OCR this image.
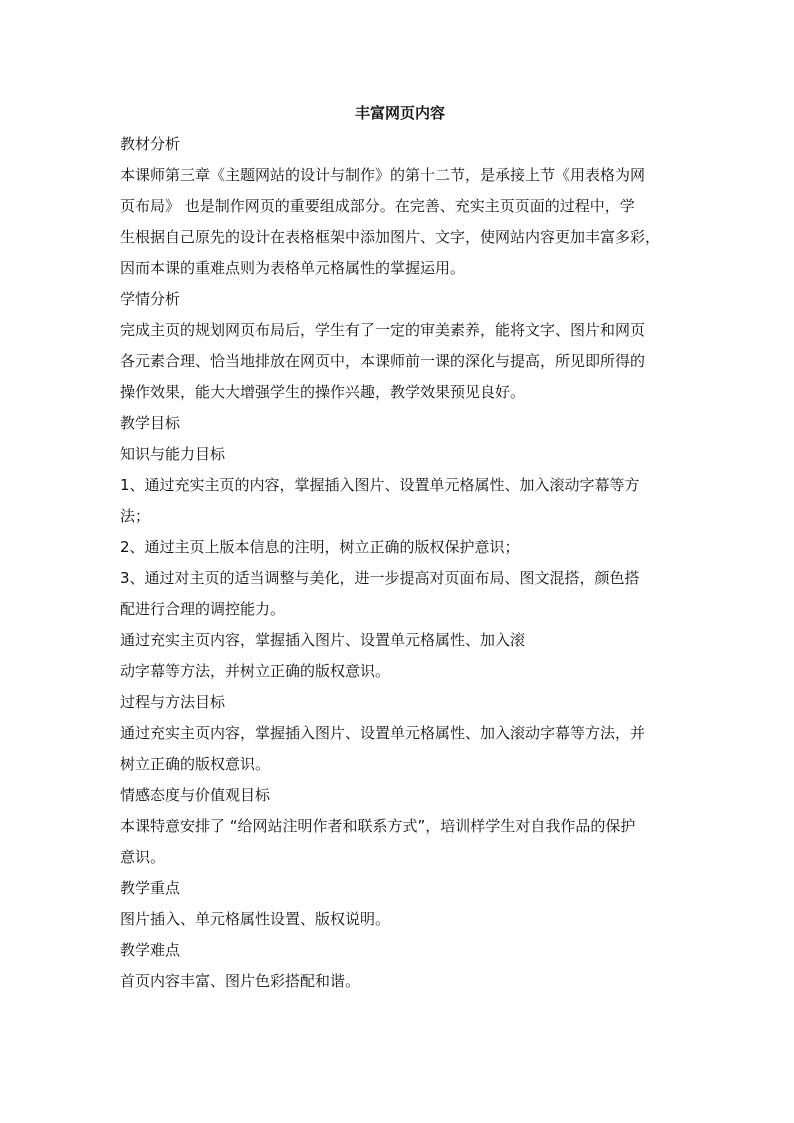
丰富网页内容
教材分析
本课师第三章《主题网站的设计与制作》的第十二节，是承接上节《用表格为网
页布局》 也是制作网页的重要组成部分。在完善、充实主页页面的过程中，学
生根据自己原先的设计在表格框架中添加图片、文字，使网站内容更加丰富多彩，
因而本课的重难点则为表格单元格属性的掌握运用。
学情分析
完成主页的规划网页布局后，学生有了一定的审美素养，能将文字、图片和网页
各元素合理、恰当地排放在网页中，本课师前一课的深化与提高，所见即所得的
操作效果，能大大增强学生的操作兴趣，教学效果预见良好。
教学目标
知识与能力目标
1、通过充实主页的内容，掌握插入图片、设置单元格属性、加入滚动字幕等方
法；
2、通过主页上版本信息的注明，树立正确的版权保护意识；
3、通过对主页的适当调整与美化，进一步提高对页面布局、图文混搭，颜色搭
配进行合理的调控能力。
通过充实主页内容，掌握插入图片、设置单元格属性、加入滚
动字幕等方法，并树立正确的版权意识。
过程与方法目标
通过充实主页内容，掌握插入图片、设置单元格属性、加入滚动字幕等方法，并
树立正确的版权意识。
情感态度与价值观目标
本课特意安排了 “给网站注明作者和联系方式”，培训样学生对自我作品的保护
意识。
教学重点
图片插入、单元格属性设置、版权说明。
教学难点
首页内容丰富、图片色彩搭配和谐。
